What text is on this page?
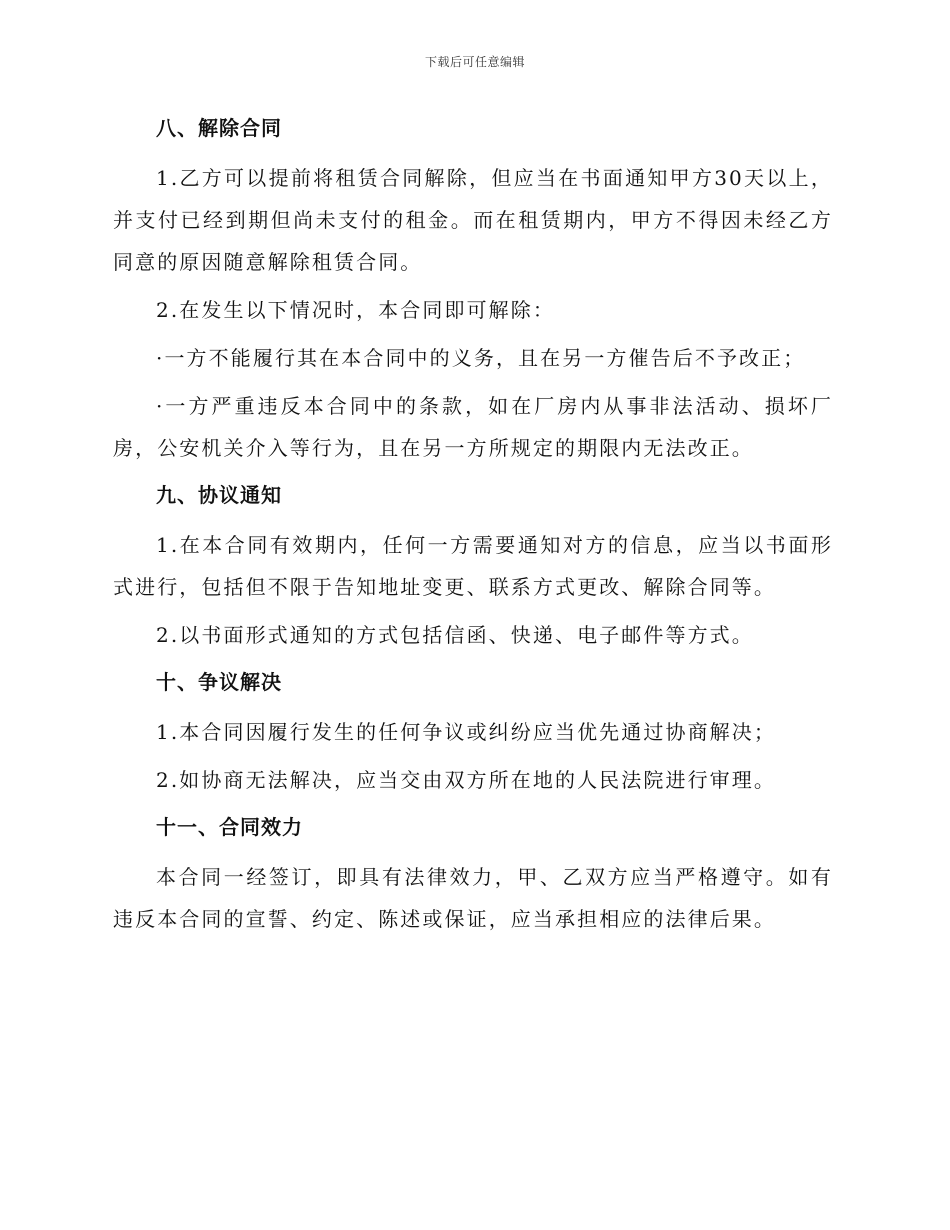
下载后可任意编辑
八、解除合同
1.乙方可以提前将租赁合同解除，但应当在书面通知甲方30天以上，并支付已经到期但尚未支付的租金。而在租赁期内，甲方不得因未经乙方同意的原因随意解除租赁合同。
2.在发生以下情况时，本合同即可解除：
·一方不能履行其在本合同中的义务，且在另一方催告后不予改正；
·一方严重违反本合同中的条款，如在厂房内从事非法活动、损坏厂房，公安机关介入等行为，且在另一方所规定的期限内无法改正。
九、协议通知
1.在本合同有效期内，任何一方需要通知对方的信息，应当以书面形式进行，包括但不限于告知地址变更、联系方式更改、解除合同等。
2.以书面形式通知的方式包括信函、快递、电子邮件等方式。
十、争议解决
1.本合同因履行发生的任何争议或纠纷应当优先通过协商解决；
2.如协商无法解决，应当交由双方所在地的人民法院进行审理。
十一、合同效力
本合同一经签订，即具有法律效力，甲、乙双方应当严格遵守。如有违反本合同的宣誓、约定、陈述或保证，应当承担相应的法律后果。
